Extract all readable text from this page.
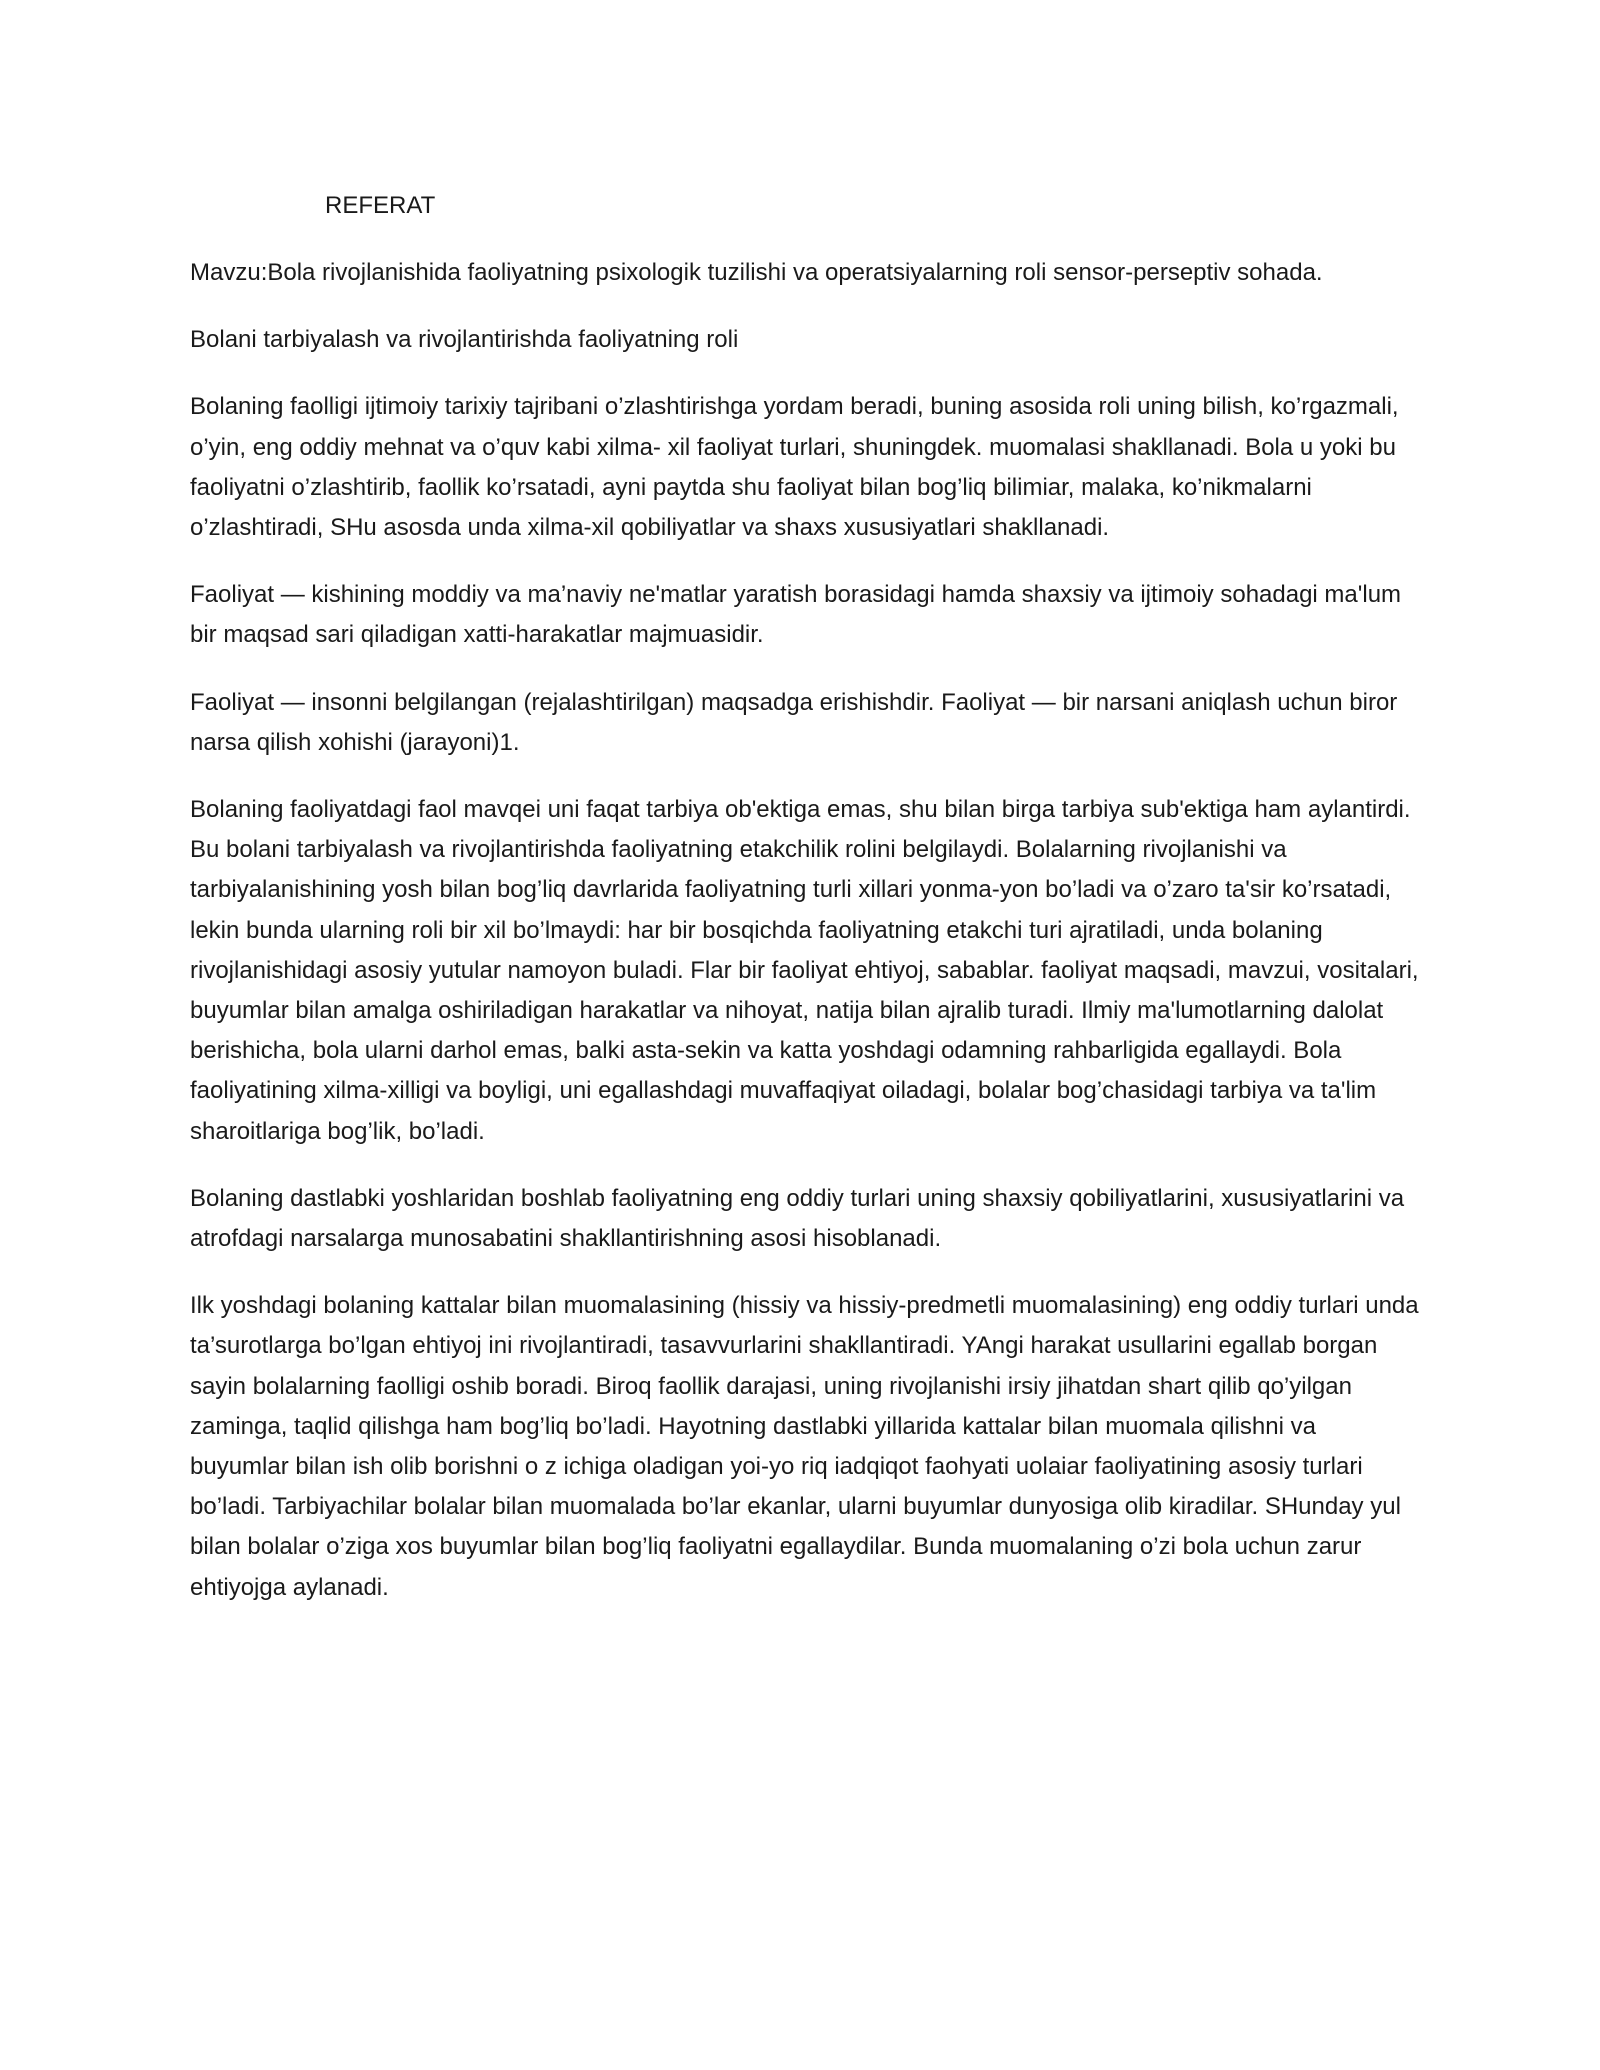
REFERAT

Mavzu:Bola rivojlanishida faoliyatning psixologik tuzilishi va operatsiyalarning roli sensor-perseptiv sohada.

Bolani tarbiyalash va rivojlantirishda faoliyatning roli

Bolaning faolligi ijtimoiy tarixiy tajribani o’zlashtirishga yordam beradi, buning asosida roli uning bilish, ko’rgazmali, o’yin, eng oddiy mehnat va o’quv kabi xilma- xil faoliyat turlari, shuningdek. muomalasi shakllanadi. Bola u yoki bu faoliyatni o’zlashtirib, faollik ko’rsatadi, ayni paytda shu faoliyat bilan bog’liq bilimiar, malaka, ko’nikmalarni o’zlashtiradi, SHu asosda unda xilma-xil qobiliyatlar va shaxs xususiyatlari shakllanadi.

Faoliyat — kishining moddiy va ma’naviy ne'matlar yaratish borasidagi hamda shaxsiy va ijtimoiy sohadagi ma'lum bir maqsad sari qiladigan xatti-harakatlar majmuasidir.

Faoliyat — insonni belgilangan (rejalashtirilgan) maqsadga erishishdir. Faoliyat — bir narsani aniqlash uchun biror narsa qilish xohishi (jarayoni)1.

Bolaning faoliyatdagi faol mavqei uni faqat tarbiya ob'ektiga emas, shu bilan birga tarbiya sub'ektiga ham aylantirdi. Bu bolani tarbiyalash va rivojlantirishda faoliyatning etakchilik rolini belgilaydi. Bolalarning rivojlanishi va tarbiyalanishining yosh bilan bog’liq davrlarida faoliyatning turli xillari yonma-yon bo’ladi va o’zaro ta'sir ko’rsatadi, lekin bunda ularning roli bir xil bo’lmaydi: har bir bosqichda faoliyatning etakchi turi ajratiladi, unda bolaning rivojlanishidagi asosiy yutular namoyon buladi. Flar bir faoliyat ehtiyoj, sabablar. faoliyat maqsadi, mavzui, vositalari, buyumlar bilan amalga oshiriladigan harakatlar va nihoyat, natija bilan ajralib turadi. Ilmiy ma'lumotlarning dalolat berishicha, bola ularni darhol emas, balki asta-sekin va katta yoshdagi odamning rahbarligida egallaydi. Bola faoliyatining xilma-xilligi va boyligi, uni egallashdagi muvaffaqiyat oiladagi, bolalar bog’chasidagi tarbiya va ta'lim sharoitlariga bog’lik, bo’ladi.

Bolaning dastlabki yoshlaridan boshlab faoliyatning eng oddiy turlari uning shaxsiy qobiliyatlarini, xususiyatlarini va atrofdagi narsalarga munosabatini shakllantirishning asosi hisoblanadi.

Ilk yoshdagi bolaning kattalar bilan muomalasining (hissiy va hissiy-predmetli muomalasining) eng oddiy turlari unda ta’surotlarga bo’lgan ehtiyoj ini rivojlantiradi, tasavvurlarini shakllantiradi. YAngi harakat usullarini egallab borgan sayin bolalarning faolligi oshib boradi. Biroq faollik darajasi, uning rivojlanishi irsiy jihatdan shart qilib qo’yilgan zaminga, taqlid qilishga ham bog’liq bo’ladi. Hayotning dastlabki yillarida kattalar bilan muomala qilishni va buyumlar bilan ish olib borishni o z ichiga oladigan yoi-yo riq iadqiqot faohyati uolaiar faoliyatining asosiy turlari bo’ladi. Tarbiyachilar bolalar bilan muomalada bo’lar ekanlar, ularni buyumlar dunyosiga olib kiradilar. SHunday yul bilan bolalar o’ziga xos buyumlar bilan bog’liq faoliyatni egallaydilar. Bunda muomalaning o’zi bola uchun zarur ehtiyojga aylanadi.
